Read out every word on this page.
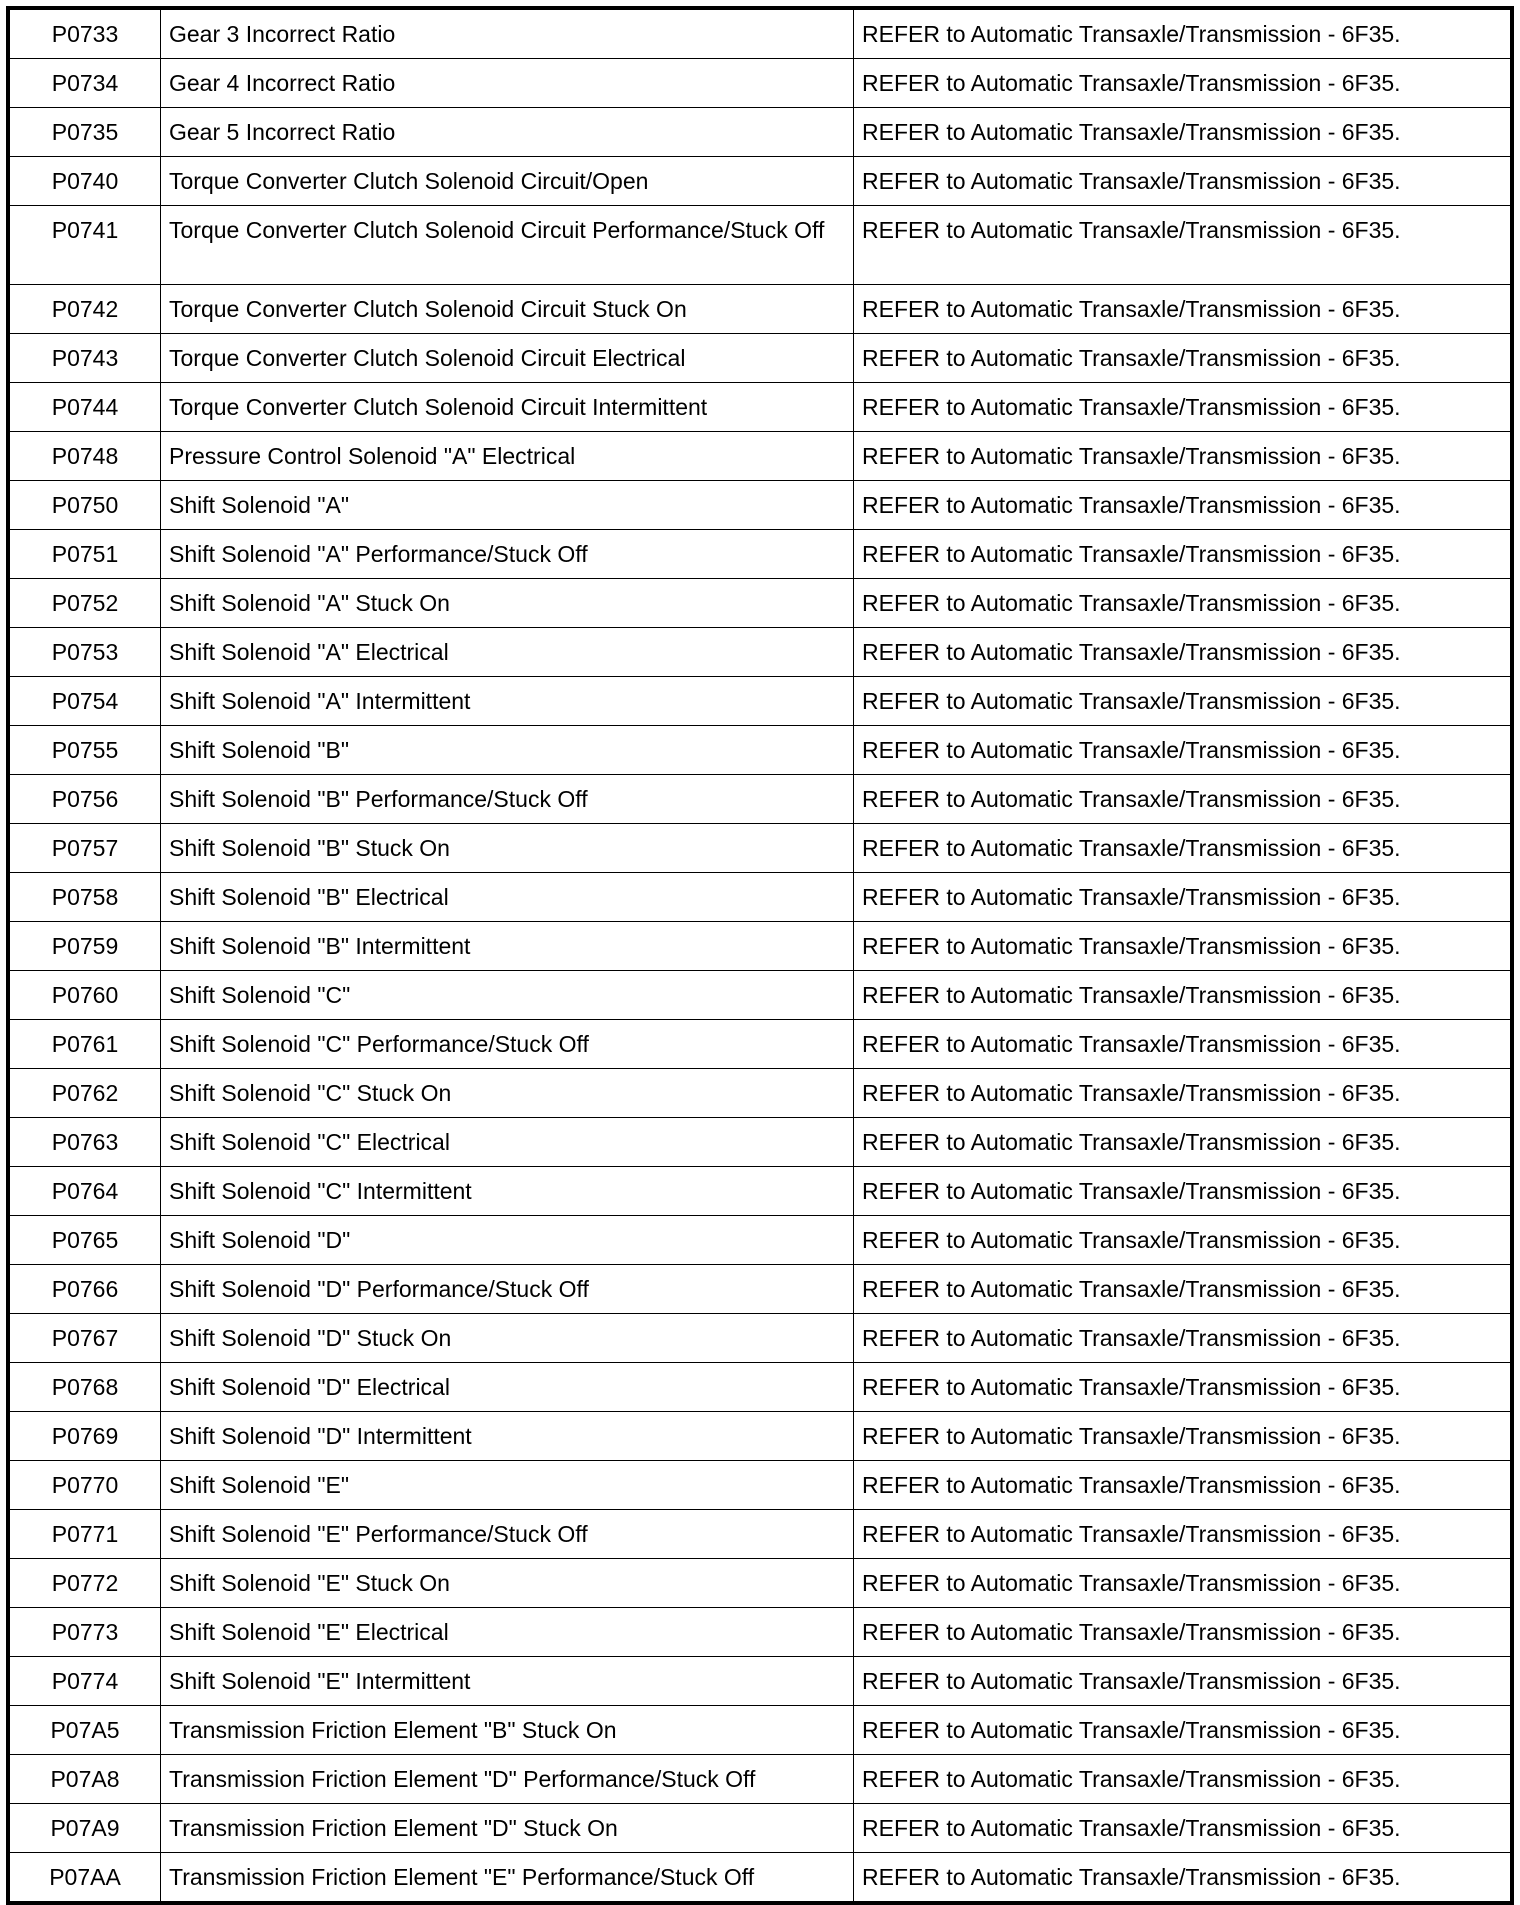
P0733	Gear 3 Incorrect Ratio	REFER to Automatic Transaxle/Transmission - 6F35.
P0734	Gear 4 Incorrect Ratio	REFER to Automatic Transaxle/Transmission - 6F35.
P0735	Gear 5 Incorrect Ratio	REFER to Automatic Transaxle/Transmission - 6F35.
P0740	Torque Converter Clutch Solenoid Circuit/Open	REFER to Automatic Transaxle/Transmission - 6F35.
P0741	Torque Converter Clutch Solenoid Circuit Performance/Stuck Off	REFER to Automatic Transaxle/Transmission - 6F35.
P0742	Torque Converter Clutch Solenoid Circuit Stuck On	REFER to Automatic Transaxle/Transmission - 6F35.
P0743	Torque Converter Clutch Solenoid Circuit Electrical	REFER to Automatic Transaxle/Transmission - 6F35.
P0744	Torque Converter Clutch Solenoid Circuit Intermittent	REFER to Automatic Transaxle/Transmission - 6F35.
P0748	Pressure Control Solenoid "A" Electrical	REFER to Automatic Transaxle/Transmission - 6F35.
P0750	Shift Solenoid "A"	REFER to Automatic Transaxle/Transmission - 6F35.
P0751	Shift Solenoid "A" Performance/Stuck Off	REFER to Automatic Transaxle/Transmission - 6F35.
P0752	Shift Solenoid "A" Stuck On	REFER to Automatic Transaxle/Transmission - 6F35.
P0753	Shift Solenoid "A" Electrical	REFER to Automatic Transaxle/Transmission - 6F35.
P0754	Shift Solenoid "A" Intermittent	REFER to Automatic Transaxle/Transmission - 6F35.
P0755	Shift Solenoid "B"	REFER to Automatic Transaxle/Transmission - 6F35.
P0756	Shift Solenoid "B" Performance/Stuck Off	REFER to Automatic Transaxle/Transmission - 6F35.
P0757	Shift Solenoid "B" Stuck On	REFER to Automatic Transaxle/Transmission - 6F35.
P0758	Shift Solenoid "B" Electrical	REFER to Automatic Transaxle/Transmission - 6F35.
P0759	Shift Solenoid "B" Intermittent	REFER to Automatic Transaxle/Transmission - 6F35.
P0760	Shift Solenoid "C"	REFER to Automatic Transaxle/Transmission - 6F35.
P0761	Shift Solenoid "C" Performance/Stuck Off	REFER to Automatic Transaxle/Transmission - 6F35.
P0762	Shift Solenoid "C" Stuck On	REFER to Automatic Transaxle/Transmission - 6F35.
P0763	Shift Solenoid "C" Electrical	REFER to Automatic Transaxle/Transmission - 6F35.
P0764	Shift Solenoid "C" Intermittent	REFER to Automatic Transaxle/Transmission - 6F35.
P0765	Shift Solenoid "D"	REFER to Automatic Transaxle/Transmission - 6F35.
P0766	Shift Solenoid "D" Performance/Stuck Off	REFER to Automatic Transaxle/Transmission - 6F35.
P0767	Shift Solenoid "D" Stuck On	REFER to Automatic Transaxle/Transmission - 6F35.
P0768	Shift Solenoid "D" Electrical	REFER to Automatic Transaxle/Transmission - 6F35.
P0769	Shift Solenoid "D" Intermittent	REFER to Automatic Transaxle/Transmission - 6F35.
P0770	Shift Solenoid "E"	REFER to Automatic Transaxle/Transmission - 6F35.
P0771	Shift Solenoid "E" Performance/Stuck Off	REFER to Automatic Transaxle/Transmission - 6F35.
P0772	Shift Solenoid "E" Stuck On	REFER to Automatic Transaxle/Transmission - 6F35.
P0773	Shift Solenoid "E" Electrical	REFER to Automatic Transaxle/Transmission - 6F35.
P0774	Shift Solenoid "E" Intermittent	REFER to Automatic Transaxle/Transmission - 6F35.
P07A5	Transmission Friction Element "B" Stuck On	REFER to Automatic Transaxle/Transmission - 6F35.
P07A8	Transmission Friction Element "D" Performance/Stuck Off	REFER to Automatic Transaxle/Transmission - 6F35.
P07A9	Transmission Friction Element "D" Stuck On	REFER to Automatic Transaxle/Transmission - 6F35.
P07AA	Transmission Friction Element "E" Performance/Stuck Off	REFER to Automatic Transaxle/Transmission - 6F35.
